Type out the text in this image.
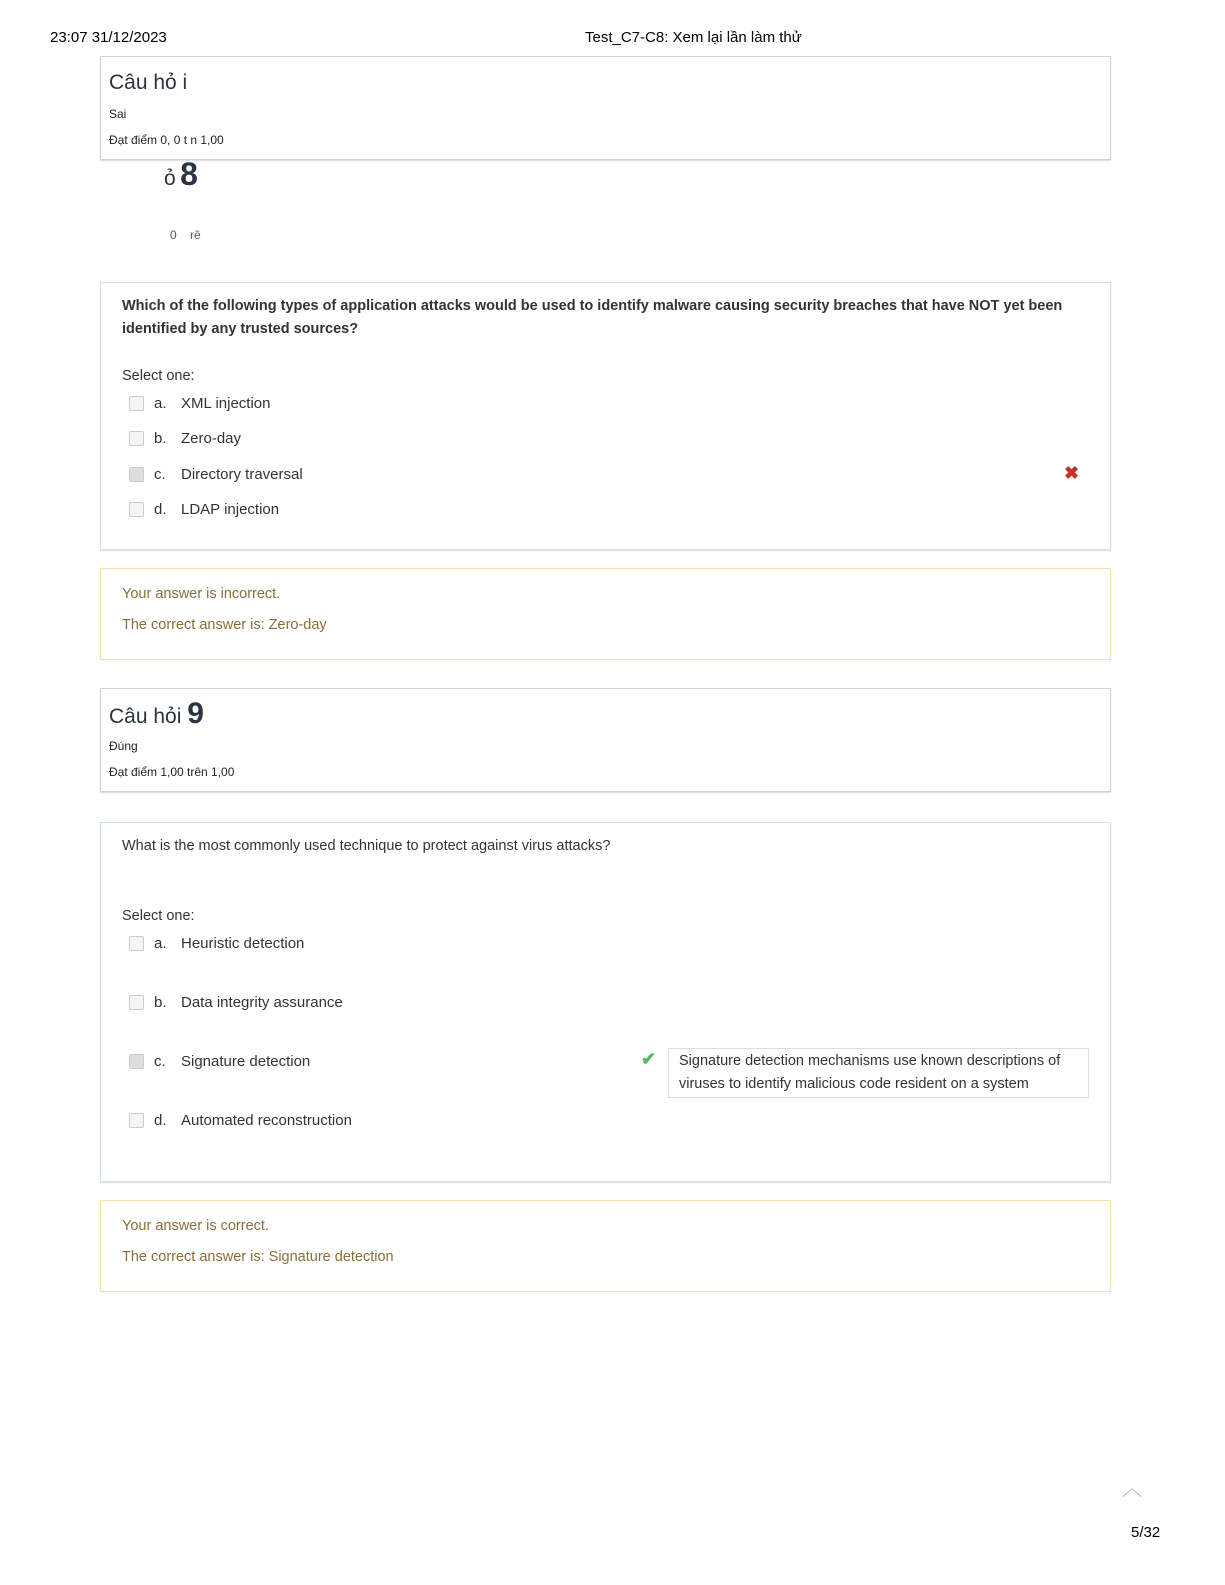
23:07 31/12/2023	Test_C7-C8: Xem lại lần làm thử
Câu hỏ i
Sai
Đạt điểm 0, 0 t n 1,00
ỏ 8
0    rê
Which of the following types of application attacks would be used to identify malware causing security breaches that have NOT yet been identified by any trusted sources?
Select one:
a. XML injection
b. Zero-day
c.	Directory traversal
d. LDAP injection
✖
Your answer is incorrect.
The correct answer is: Zero-day
Câu hỏi 9
Đúng
Đạt điểm 1,00 trên 1,00
What is the most commonly used technique to protect against virus attacks?
Select one:
a. Heuristic detection
b. Data integrity assurance
c.	Signature detection
d. Automated reconstruction
✔	Signature detection mechanisms use known descriptions of viruses to identify malicious code resident on a system
Your answer is correct.
The correct answer is: Signature detection
︿
5/32
